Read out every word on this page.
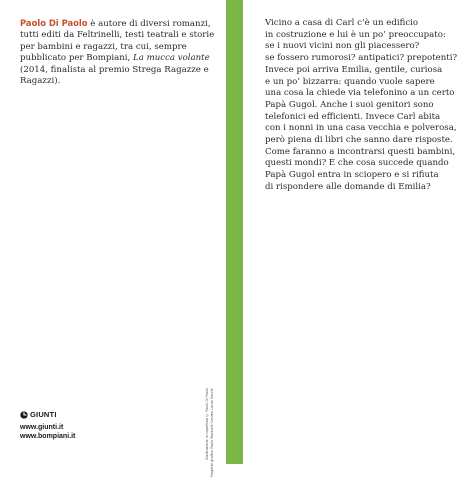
Paolo Di Paolo è autore di diversi romanzi, tutti editi da Feltrinelli, testi teatrali e storie per bambini e ragazzi, tra cui, sempre pubblicato per Bompiani, La mucca volante (2014, finalista al premio Strega Ragazze e Ragazzi).

GIUNTI
www.giunti.it
www.bompiani.it	Illustrazione in copertina © Paolo Di Paolo Progetto grafico Paolo Marinelli Cosimo Lucas Sacchi

Vicino a casa di Carl c’è un edificio
in costruzione e lui è un po’ preoccupato:
se i nuovi vicini non gli piacessero?
se fossero rumorosi? antipatici? prepotenti?
Invece poi arriva Emilia, gentile, curiosa
e un po’ bizzarra: quando vuole sapere
una cosa la chiede via telefonino a un certo
Papà Gugol. Anche i suoi genitori sono
telefonici ed efficienti. Invece Carl abita
con i nonni in una casa vecchia e polverosa,
però piena di libri che sanno dare risposte.
Come faranno a incontrarsi questi bambini,
questi mondi? E che cosa succede quando
Papà Gugol entra in sciopero e si rifiuta
di rispondere alle domande di Emilia?
